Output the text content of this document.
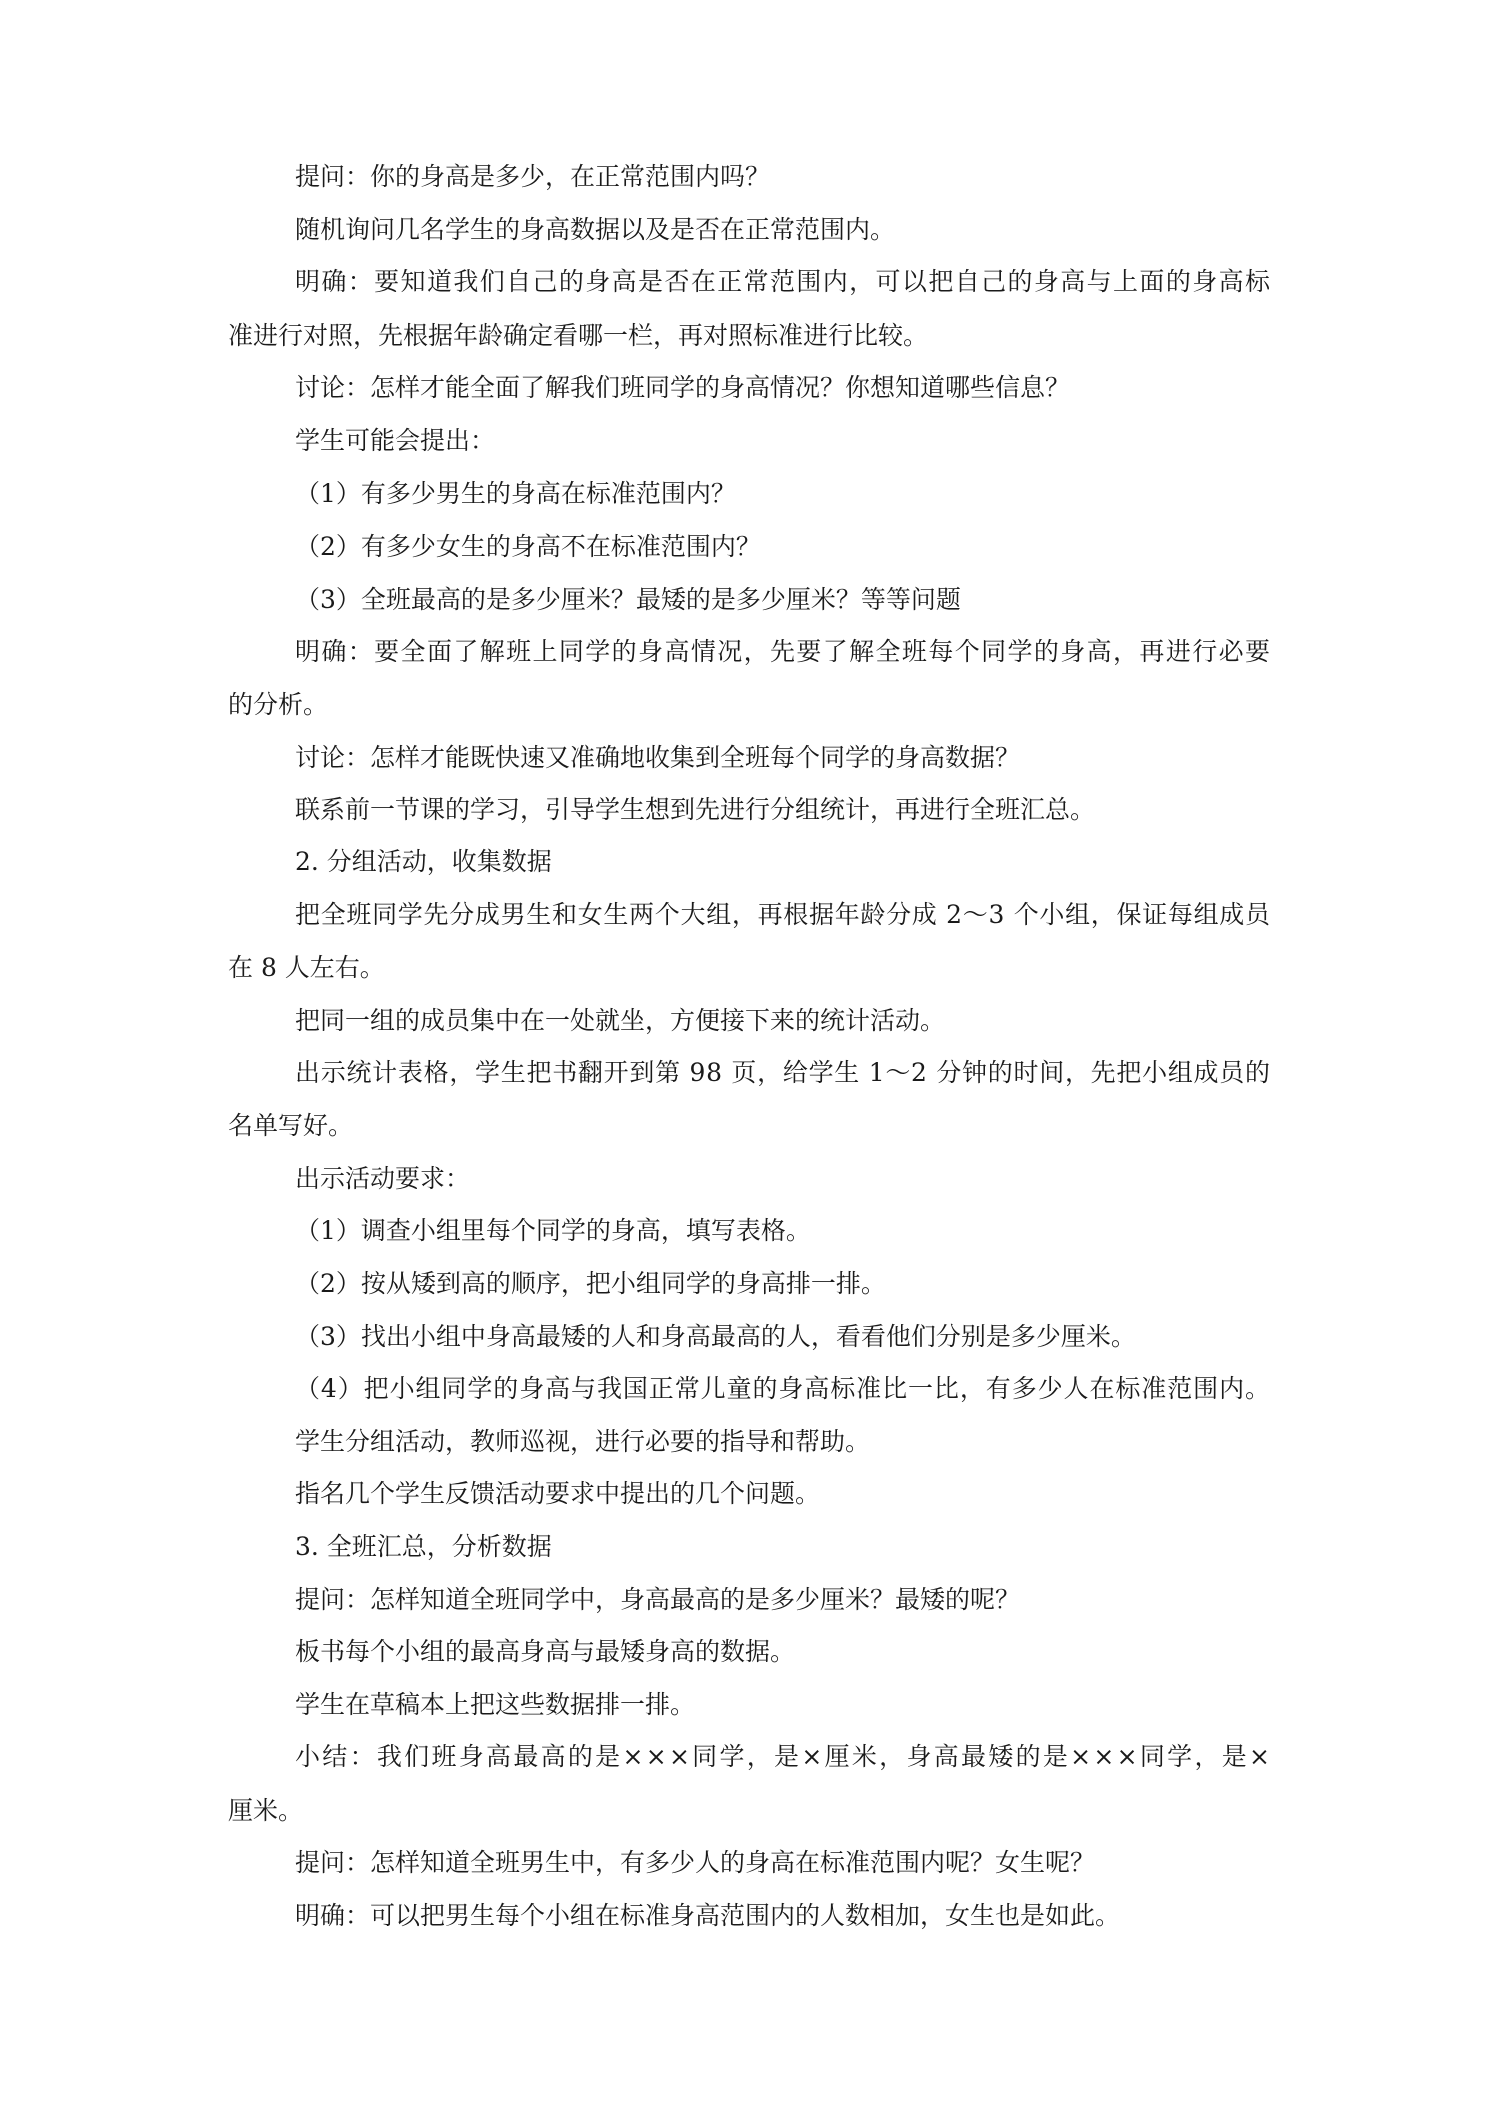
提问：你的身高是多少，在正常范围内吗？

随机询问几名学生的身高数据以及是否在正常范围内。

明确：要知道我们自己的身高是否在正常范围内，可以把自己的身高与上面的身高标

准进行对照，先根据年龄确定看哪一栏，再对照标准进行比较。

讨论：怎样才能全面了解我们班同学的身高情况？你想知道哪些信息？

学生可能会提出：

（1）有多少男生的身高在标准范围内？

（2）有多少女生的身高不在标准范围内？

（3）全班最高的是多少厘米？最矮的是多少厘米？等等问题

明确：要全面了解班上同学的身高情况，先要了解全班每个同学的身高，再进行必要

的分析。

讨论：怎样才能既快速又准确地收集到全班每个同学的身高数据？

联系前一节课的学习，引导学生想到先进行分组统计，再进行全班汇总。

2. 分组活动，收集数据

把全班同学先分成男生和女生两个大组，再根据年龄分成 2～3 个小组，保证每组成员

在 8 人左右。

把同一组的成员集中在一处就坐，方便接下来的统计活动。

出示统计表格，学生把书翻开到第 98 页，给学生 1～2 分钟的时间，先把小组成员的

名单写好。

出示活动要求：

（1）调查小组里每个同学的身高，填写表格。

（2）按从矮到高的顺序，把小组同学的身高排一排。

（3）找出小组中身高最矮的人和身高最高的人，看看他们分别是多少厘米。

（4）把小组同学的身高与我国正常儿童的身高标准比一比，有多少人在标准范围内。

学生分组活动，教师巡视，进行必要的指导和帮助。

指名几个学生反馈活动要求中提出的几个问题。

3. 全班汇总，分析数据

提问：怎样知道全班同学中，身高最高的是多少厘米？最矮的呢？

板书每个小组的最高身高与最矮身高的数据。

学生在草稿本上把这些数据排一排。

小结：我们班身高最高的是×××同学，是×厘米，身高最矮的是×××同学，是×

厘米。

提问：怎样知道全班男生中，有多少人的身高在标准范围内呢？女生呢？

明确：可以把男生每个小组在标准身高范围内的人数相加，女生也是如此。
